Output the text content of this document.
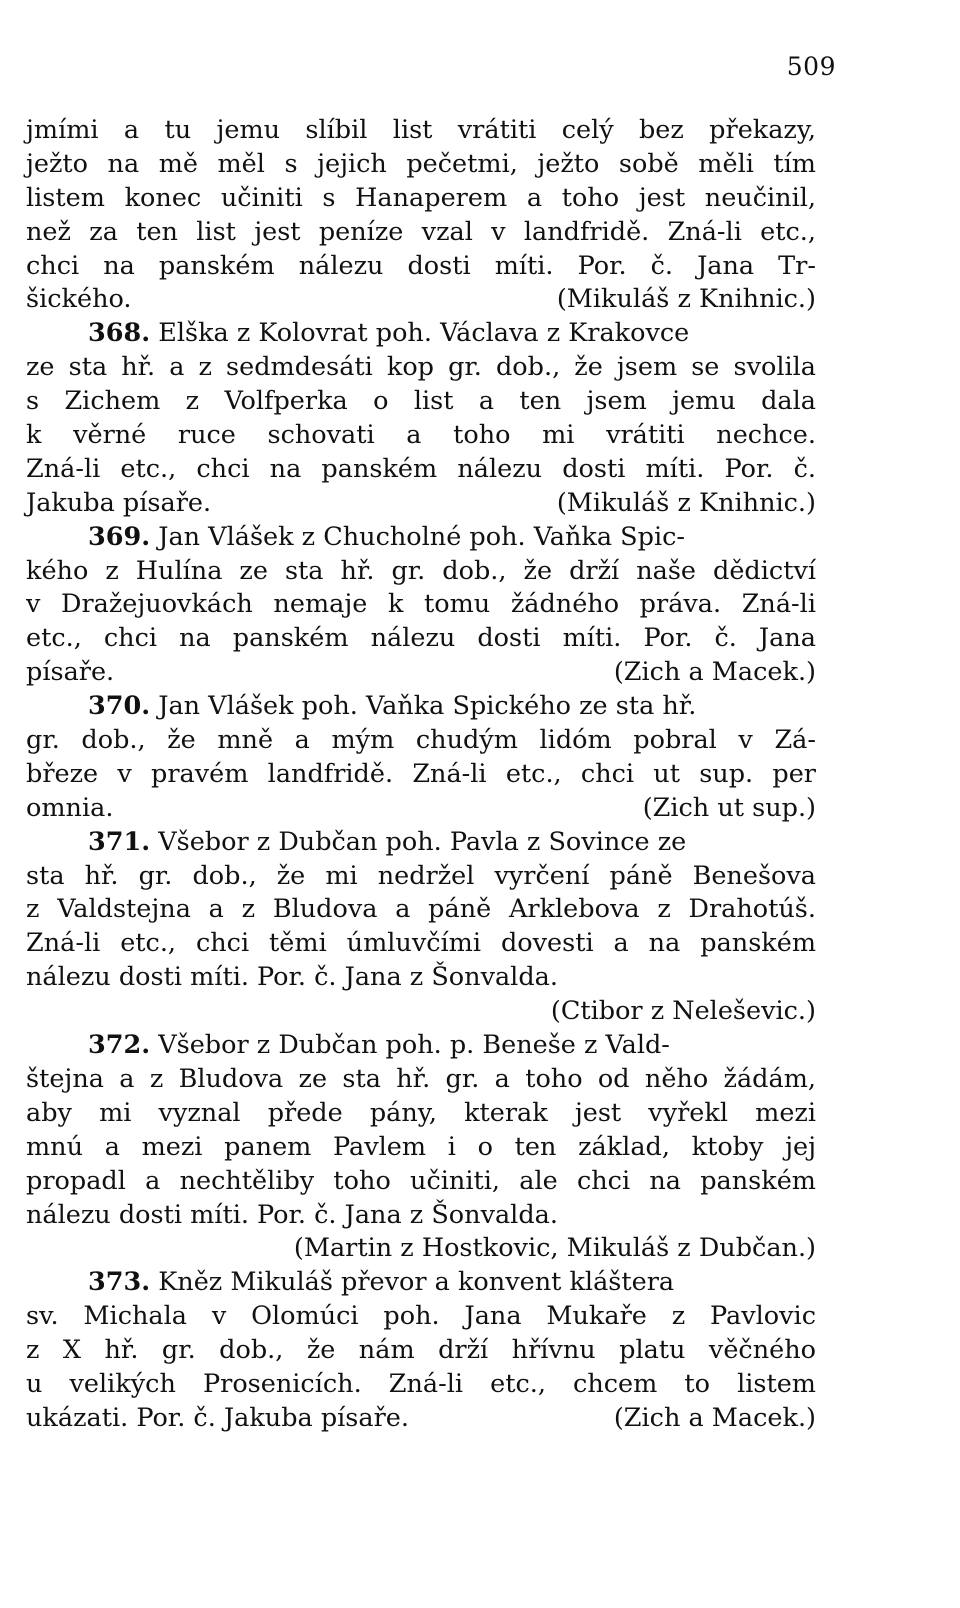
509
jmími a tu jemu slíbil list vrátiti celý bez překazy,
ježto na mě měl s jejich pečetmi, ježto sobě měli tím
listem konec učiniti s Hanaperem a toho jest neučinil,
než za ten list jest peníze vzal v landfridě. Zná-li etc.,
chci na panském nálezu dosti míti. Por. č. Jana Tr-
šického.	(Mikuláš z Knihnic.)
368. Elška z Kolovrat poh. Václava z Krakovce
ze sta hř. a z sedmdesáti kop gr. dob., že jsem se svolila
s Zichem z Volfperka o list a ten jsem jemu dala
k věrné ruce schovati a toho mi vrátiti nechce.
Zná-li etc., chci na panském nálezu dosti míti. Por. č.
Jakuba písaře.	(Mikuláš z Knihnic.)
369. Jan Vlášek z Chucholné poh. Vaňka Spic-
kého z Hulína ze sta hř. gr. dob., že drží naše dědictví
v Dražejuovkách nemaje k tomu žádného práva. Zná-li
etc., chci na panském nálezu dosti míti. Por. č. Jana
písaře.	(Zich a Macek.)
370. Jan Vlášek poh. Vaňka Spického ze sta hř.
gr. dob., že mně a mým chudým lidóm pobral v Zá-
březe v pravém landfridě. Zná-li etc., chci ut sup. per
omnia.	(Zich ut sup.)
371. Všebor z Dubčan poh. Pavla z Sovince ze
sta hř. gr. dob., že mi nedržel vyrčení páně Benešova
z Valdstejna a z Bludova a páně Arklebova z Drahotúš.
Zná-li etc., chci těmi úmluvčími dovesti a na panském
nálezu dosti míti. Por. č. Jana z Šonvalda.
(Ctibor z Neleševic.)
372. Všebor z Dubčan poh. p. Beneše z Vald-
štejna a z Bludova ze sta hř. gr. a toho od něho žádám,
aby mi vyznal přede pány, kterak jest vyřekl mezi
mnú a mezi panem Pavlem i o ten základ, ktoby jej
propadl a nechtěliby toho učiniti, ale chci na panském
nálezu dosti míti. Por. č. Jana z Šonvalda.
(Martin z Hostkovic, Mikuláš z Dubčan.)
373. Kněz Mikuláš převor a konvent kláštera
sv. Michala v Olomúci poh. Jana Mukaře z Pavlovic
z X hř. gr. dob., že nám drží hřívnu platu věčného
u velikých Prosenicích. Zná-li etc., chcem to listem
ukázati. Por. č. Jakuba písaře.	(Zich a Macek.)
